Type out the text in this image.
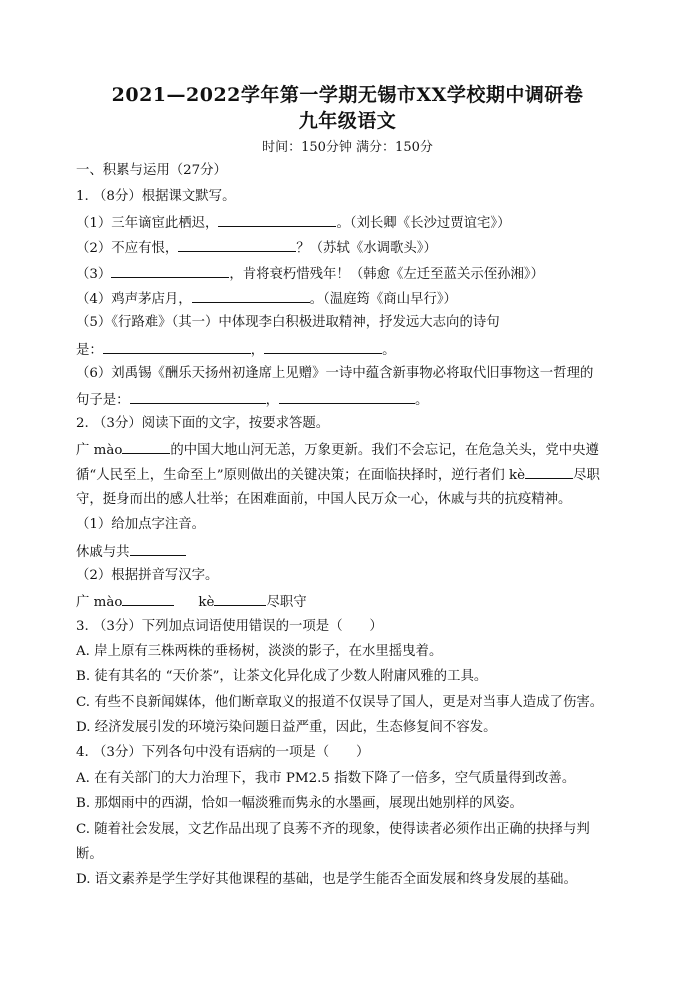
2021—2022学年第一学期无锡市XX学校期中调研卷
九年级语文
时间：150分钟 满分：150分
一、积累与运用（27分）
1. （8分）根据课文默写。
（1）三年谪宦此栖迟，	。（刘长卿《长沙过贾谊宅》）
（2）不应有恨，	？（苏轼《水调歌头》）
（3）	，肯将衰朽惜残年！（韩愈《左迁至蓝关示侄孙湘》）
（4）鸡声茅店月，	。（温庭筠《商山早行》）
（5）《行路难》（其一）中体现李白积极进取精神，抒发远大志向的诗句
是：	，	。
（6）刘禹锡《酬乐天扬州初逢席上见赠》一诗中蕴含新事物必将取代旧事物这一哲理的
句子是：	，	。
2. （3分）阅读下面的文字，按要求答题。
广 mào	的中国大地山河无恙，万象更新。我们不会忘记，在危急关头，党中央遵
循“人民至上，生命至上”原则做出的关键决策；在面临抉择时，逆行者们 kè	尽职
守，挺身而出的感人壮举；在困难面前，中国人民万众一心，休戚与共的抗疫精神。
（1）给加点字注音。
休戚与共
（2）根据拼音写汉字。
广 mào	kè	尽职守
3. （3分）下列加点词语使用错误的一项是（　　）
A. 岸上原有三株两株的垂杨树，淡淡的影子，在水里摇曳着。
B. 徒有其名的 “天价茶”，让茶文化异化成了少数人附庸风雅的工具。
C. 有些不良新闻媒体，他们断章取义的报道不仅误导了国人，更是对当事人造成了伤害。
D. 经济发展引发的环境污染问题日益严重，因此，生态修复间不容发。
4. （3分）下列各句中没有语病的一项是（　　）
A. 在有关部门的大力治理下，我市 PM2.5 指数下降了一倍多，空气质量得到改善。
B. 那烟雨中的西湖，恰如一幅淡雅而隽永的水墨画，展现出她别样的风姿。
C. 随着社会发展，文艺作品出现了良莠不齐的现象，使得读者必须作出正确的抉择与判
断。
D. 语文素养是学生学好其他课程的基础，也是学生能否全面发展和终身发展的基础。
